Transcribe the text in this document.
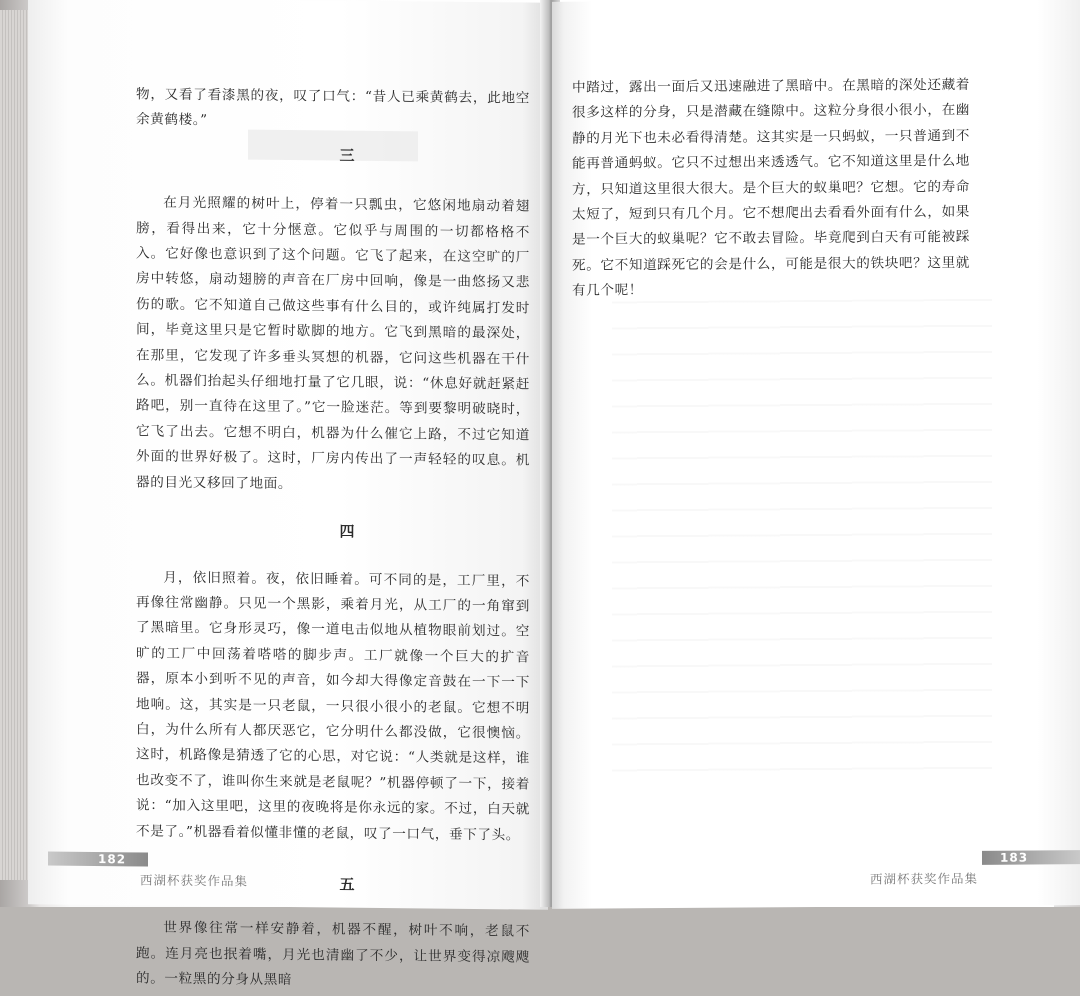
物，又看了看漆黑的夜，叹了口气：“昔人已乘黄鹤去，此地空余黄鹤楼。”

三

在月光照耀的树叶上，停着一只瓢虫，它悠闲地扇动着翅膀，看得出来，它十分惬意。它似乎与周围的一切都格格不入。它好像也意识到了这个问题。它飞了起来，在这空旷的厂房中转悠，扇动翅膀的声音在厂房中回响，像是一曲悠扬又悲伤的歌。它不知道自己做这些事有什么目的，或许纯属打发时间，毕竟这里只是它暂时歇脚的地方。它飞到黑暗的最深处，在那里，它发现了许多垂头冥想的机器，它问这些机器在干什么。机器们抬起头仔细地打量了它几眼，说：“休息好就赶紧赶路吧，别一直待在这里了。”它一脸迷茫。等到要黎明破晓时，它飞了出去。它想不明白，机器为什么催它上路，不过它知道外面的世界好极了。这时，厂房内传出了一声轻轻的叹息。机器的目光又移回了地面。

四

月，依旧照着。夜，依旧睡着。可不同的是，工厂里，不再像往常幽静。只见一个黑影，乘着月光，从工厂的一角窜到了黑暗里。它身形灵巧，像一道电击似地从植物眼前划过。空旷的工厂中回荡着嗒嗒的脚步声。工厂就像一个巨大的扩音器，原本小到听不见的声音，如今却大得像定音鼓在一下一下地响。这，其实是一只老鼠，一只很小很小的老鼠。它想不明白，为什么所有人都厌恶它，它分明什么都没做，它很懊恼。这时，机路像是猜透了它的心思，对它说：“人类就是这样，谁也改变不了，谁叫你生来就是老鼠呢？”机器停顿了一下，接着说：“加入这里吧，这里的夜晚将是你永远的家。不过，白天就不是了。”机器看着似懂非懂的老鼠，叹了一口气，垂下了头。

五

世界像往常一样安静着，机器不醒，树叶不响，老鼠不跑。连月亮也抿着嘴，月光也清幽了不少，让世界变得凉飕飕的。一粒黑的分身从黑暗

182
西湖杯获奖作品集

中踏过，露出一面后又迅速融进了黑暗中。在黑暗的深处还藏着很多这样的分身，只是潜藏在缝隙中。这粒分身很小很小，在幽静的月光下也未必看得清楚。这其实是一只蚂蚁，一只普通到不能再普通蚂蚁。它只不过想出来透透气。它不知道这里是什么地方，只知道这里很大很大。是个巨大的蚁巢吧？它想。它的寿命太短了，短到只有几个月。它不想爬出去看看外面有什么，如果是一个巨大的蚁巢呢？它不敢去冒险。毕竟爬到白天有可能被踩死。它不知道踩死它的会是什么，可能是很大的铁块吧？这里就有几个呢！

西湖杯获奖作品集
183
